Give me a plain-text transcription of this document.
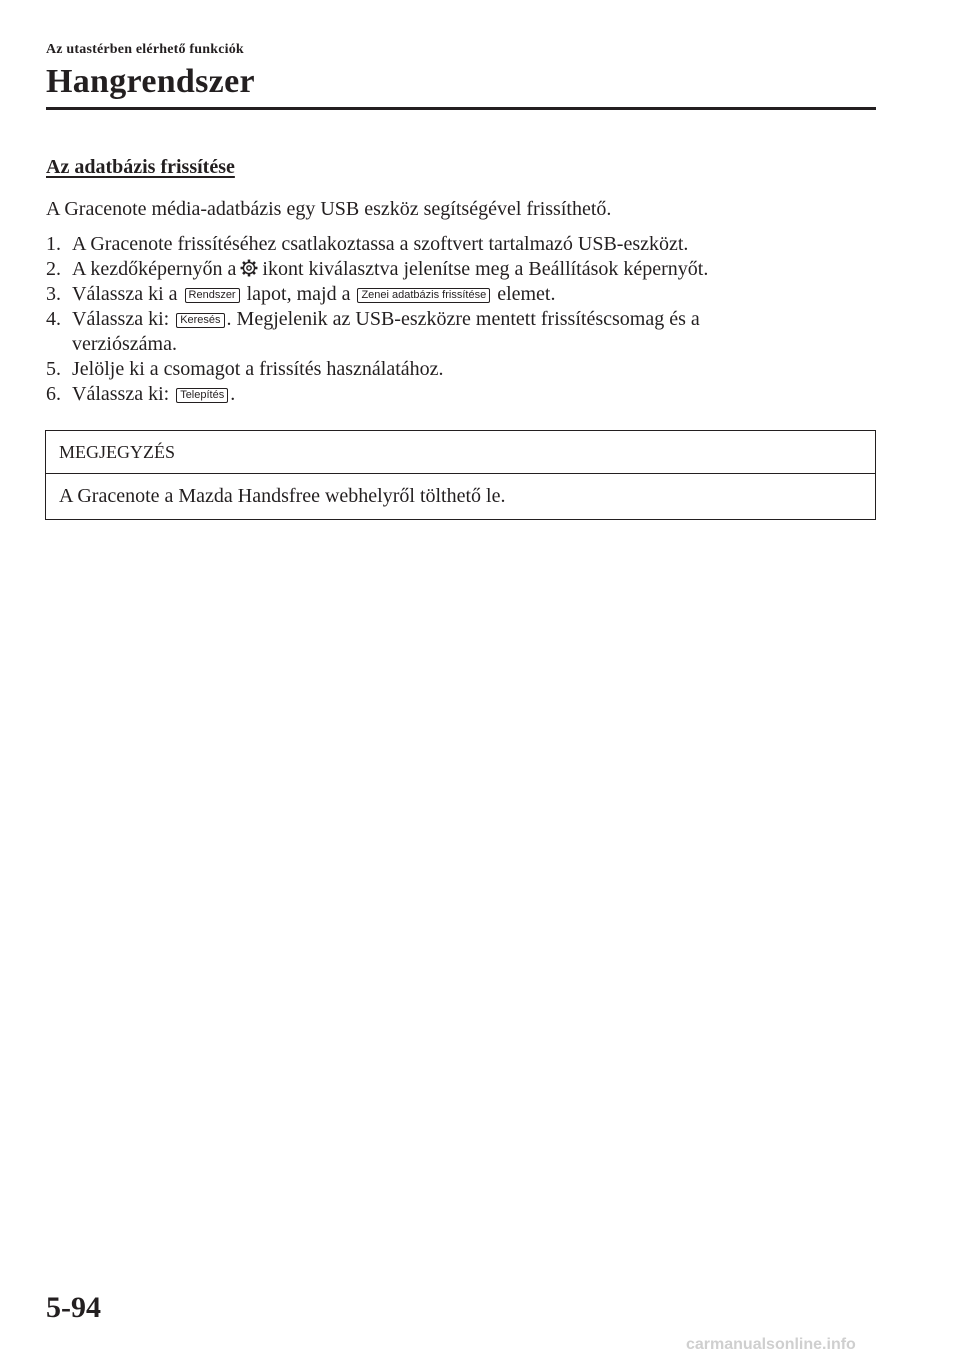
Az utastérben elérhető funkciók
Hangrendszer
Az adatbázis frissítése
A Gracenote média-adatbázis egy USB eszköz segítségével frissíthető.
1. A Gracenote frissítéséhez csatlakoztassa a szoftvert tartalmazó USB-eszközt.
2. A kezdőképernyőn a ikont kiválasztva jelenítse meg a Beállítások képernyőt.
3. Válassza ki a Rendszer lapot, majd a Zenei adatbázis frissítése elemet.
4. Válassza ki: Keresés . Megjelenik az USB-eszközre mentett frissítéscsomag és a
verziószáma.
5. Jelölje ki a csomagot a frissítés használatához.
6. Válassza ki: Telepítés .
MEGJEGYZÉS
A Gracenote a Mazda Handsfree webhelyről tölthető le.
5-94
carmanualsonline.info
